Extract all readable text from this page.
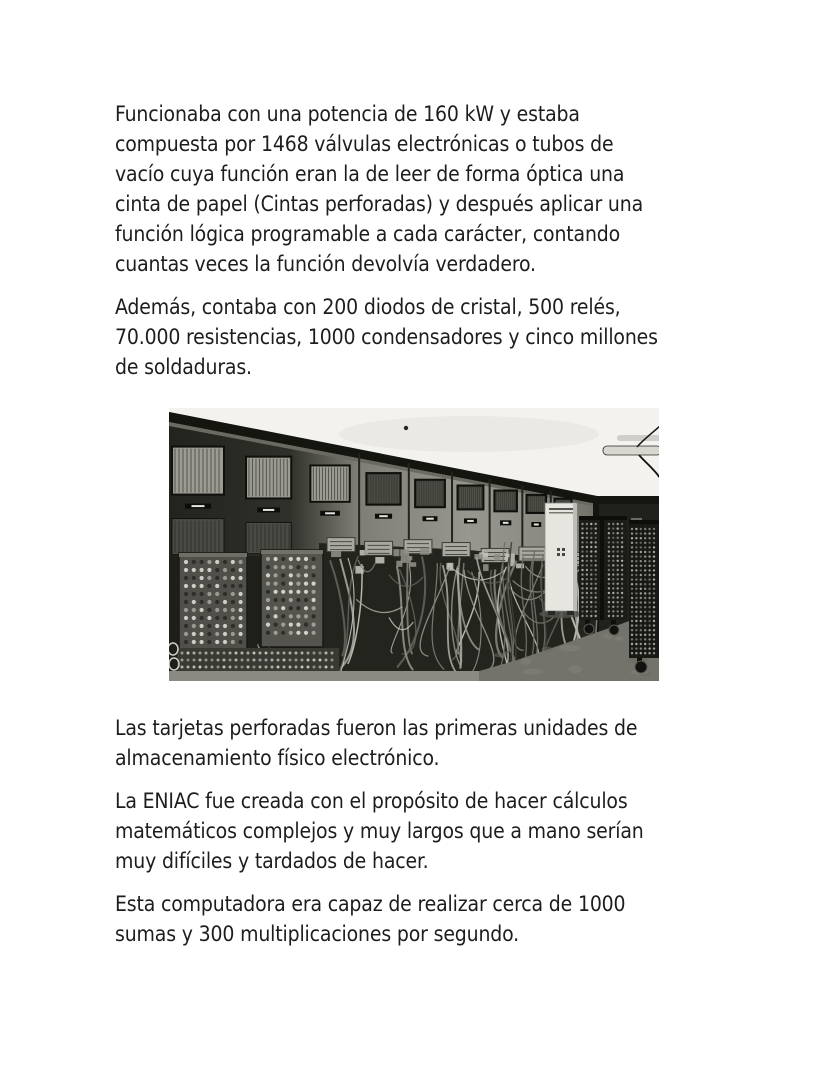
Funcionaba con una potencia de 160 kW y estaba
compuesta por 1468 válvulas electrónicas o tubos de
vacío cuya función eran la de leer de forma óptica una
cinta de papel (Cintas perforadas) y después aplicar una
función lógica programable a cada carácter, contando
cuantas veces la función devolvía verdadero.

Además, contaba con 200 diodos de cristal, 500 relés,
70.000 resistencias, 1000 condensadores y cinco millones
de soldaduras.

Las tarjetas perforadas fueron las primeras unidades de
almacenamiento físico electrónico.

La ENIAC fue creada con el propósito de hacer cálculos
matemáticos complejos y muy largos que a mano serían
muy difíciles y tardados de hacer.

Esta computadora era capaz de realizar cerca de 1000
sumas y 300 multiplicaciones por segundo.
